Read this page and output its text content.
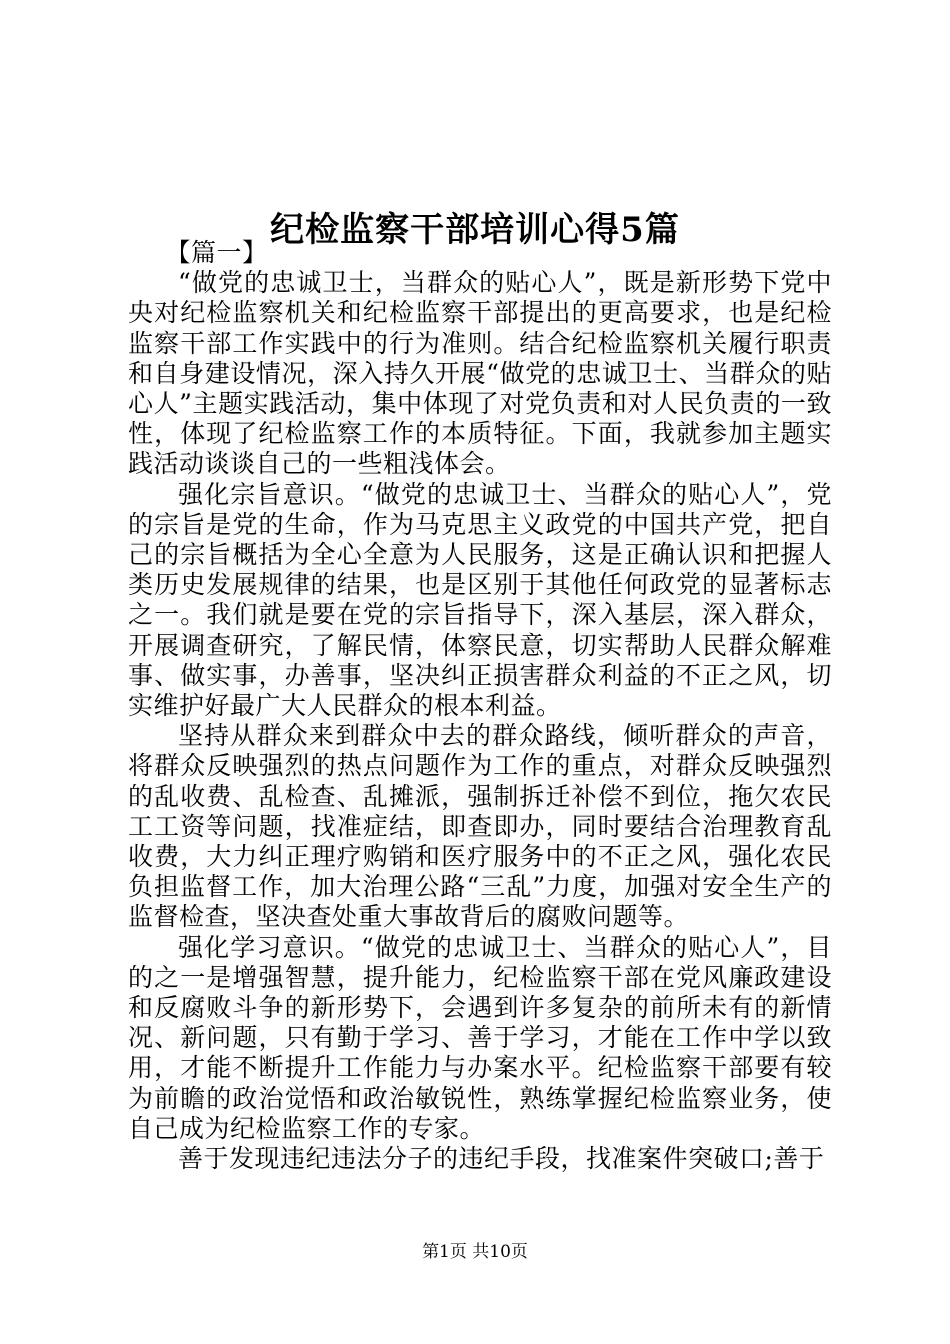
纪检监察干部培训心得5篇

【篇一】

“做党的忠诚卫士，当群众的贴心人”，既是新形势下党中央对纪检监察机关和纪检监察干部提出的更高要求，也是纪检监察干部工作实践中的行为准则。结合纪检监察机关履行职责和自身建设情况，深入持久开展“做党的忠诚卫士、当群众的贴心人”主题实践活动，集中体现了对党负责和对人民负责的一致性，体现了纪检监察工作的本质特征。下面，我就参加主题实践活动谈谈自己的一些粗浅体会。

强化宗旨意识。“做党的忠诚卫士、当群众的贴心人”，党的宗旨是党的生命，作为马克思主义政党的中国共产党，把自己的宗旨概括为全心全意为人民服务，这是正确认识和把握人类历史发展规律的结果，也是区别于其他任何政党的显著标志之一。我们就是要在党的宗旨指导下，深入基层，深入群众，开展调查研究，了解民情，体察民意，切实帮助人民群众解难事、做实事，办善事，坚决纠正损害群众利益的不正之风，切实维护好最广大人民群众的根本利益。

坚持从群众来到群众中去的群众路线，倾听群众的声音，将群众反映强烈的热点问题作为工作的重点，对群众反映强烈的乱收费、乱检查、乱摊派，强制拆迁补偿不到位，拖欠农民工工资等问题，找准症结，即查即办，同时要结合治理教育乱收费，大力纠正理疗购销和医疗服务中的不正之风，强化农民负担监督工作，加大治理公路“三乱”力度，加强对安全生产的监督检查，坚决查处重大事故背后的腐败问题等。

强化学习意识。“做党的忠诚卫士、当群众的贴心人”，目的之一是增强智慧，提升能力，纪检监察干部在党风廉政建设和反腐败斗争的新形势下，会遇到许多复杂的前所未有的新情况、新问题，只有勤于学习、善于学习，才能在工作中学以致用，才能不断提升工作能力与办案水平。纪检监察干部要有较为前瞻的政治觉悟和政治敏锐性，熟练掌握纪检监察业务，使自己成为纪检监察工作的专家。

善于发现违纪违法分子的违纪手段，找准案件突破口;善于

第1页 共10页
